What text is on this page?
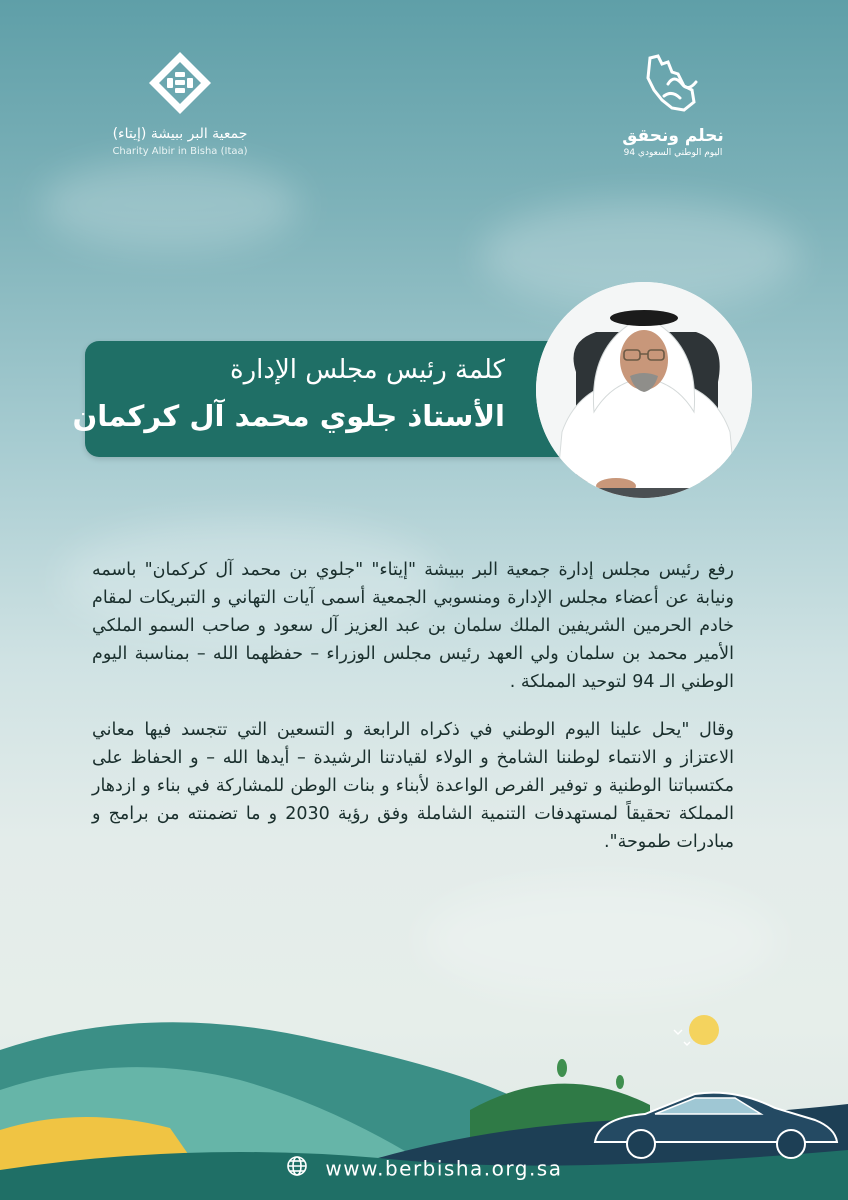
جمعية البر ببيشة (إيتاء)
Charity Albir in Bisha (Itaa)
نحلم ونحقق
اليوم الوطني السعودي 94
كلمة رئيس مجلس الإدارة
الأستاذ جلوي محمد آل كركمان

رفع رئيس مجلس إدارة جمعية البر ببيشة "إيتاء" "جلوي بن محمد آل كركمان" باسمه ونيابة عن أعضاء مجلس الإدارة ومنسوبي الجمعية أسمى آيات التهاني و التبريكات لمقام خادم الحرمين الشريفين الملك سلمان بن عبد العزيز آل سعود و صاحب السمو الملكي الأمير محمد بن سلمان ولي العهد رئيس مجلس الوزراء – حفظهما الله – بمناسبة اليوم الوطني الـ 94 لتوحيد المملكة .

وقال "يحل علينا اليوم الوطني في ذكراه الرابعة و التسعين التي تتجسد فيها معاني الاعتزاز و الانتماء لوطننا الشامخ و الولاء لقيادتنا الرشيدة – أيدها الله – و الحفاظ على مكتسباتنا الوطنية و توفير الفرص الواعدة لأبناء و بنات الوطن للمشاركة في بناء و ازدهار المملكة تحقيقاً لمستهدفات التنمية الشاملة وفق رؤية 2030 و ما تضمنته من برامج و مبادرات طموحة".

www.berbisha.org.sa
